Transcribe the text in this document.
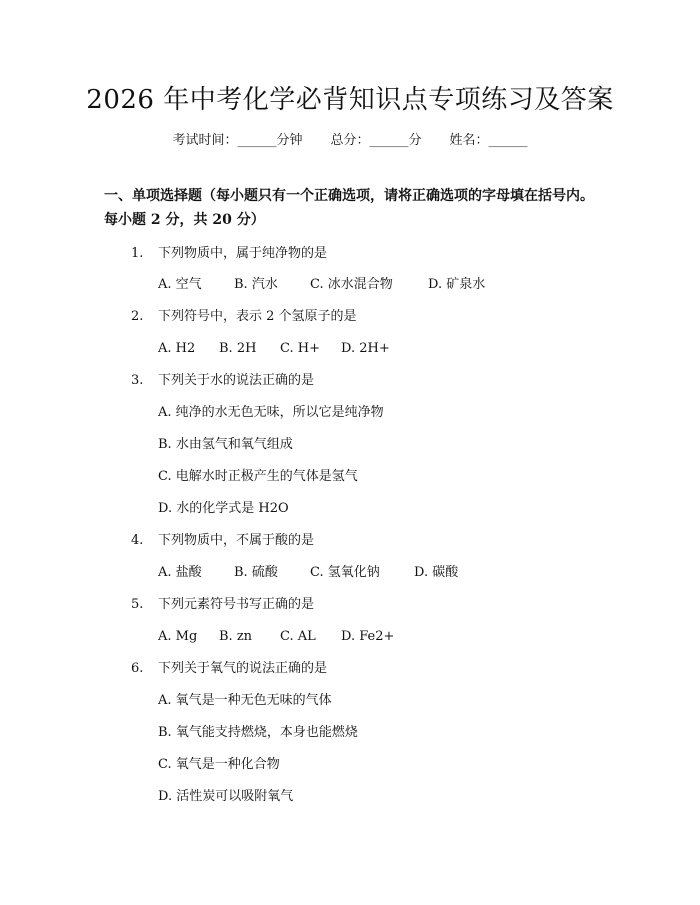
2026 年中考化学必背知识点专项练习及答案
考试时间：______分钟 总分：______分 姓名：______
一、单项选择题（每小题只有一个正确选项，请将正确选项的字母填在括号内。
每小题 2 分，共 20 分）
1. 下列物质中，属于纯净物的是
A. 空气 B. 汽水 C. 冰水混合物	D. 矿泉水
2. 下列符号中，表示 2 个氢原子的是
A. H2 B. 2H C. H+ D. 2H+
3. 下列关于水的说法正确的是
A. 纯净的水无色无味，所以它是纯净物
B. 水由氢气和氧气组成
C. 电解水时正极产生的气体是氢气
D. 水的化学式是 H2O
4. 下列物质中，不属于酸的是
A. 盐酸 B. 硫酸 C. 氢氧化钠	D. 碳酸
5. 下列元素符号书写正确的是
A. Mg B. zn C. AL D. Fe2+
6. 下列关于氧气的说法正确的是
A. 氧气是一种无色无味的气体
B. 氧气能支持燃烧，本身也能燃烧
C. 氧气是一种化合物
D. 活性炭可以吸附氧气
